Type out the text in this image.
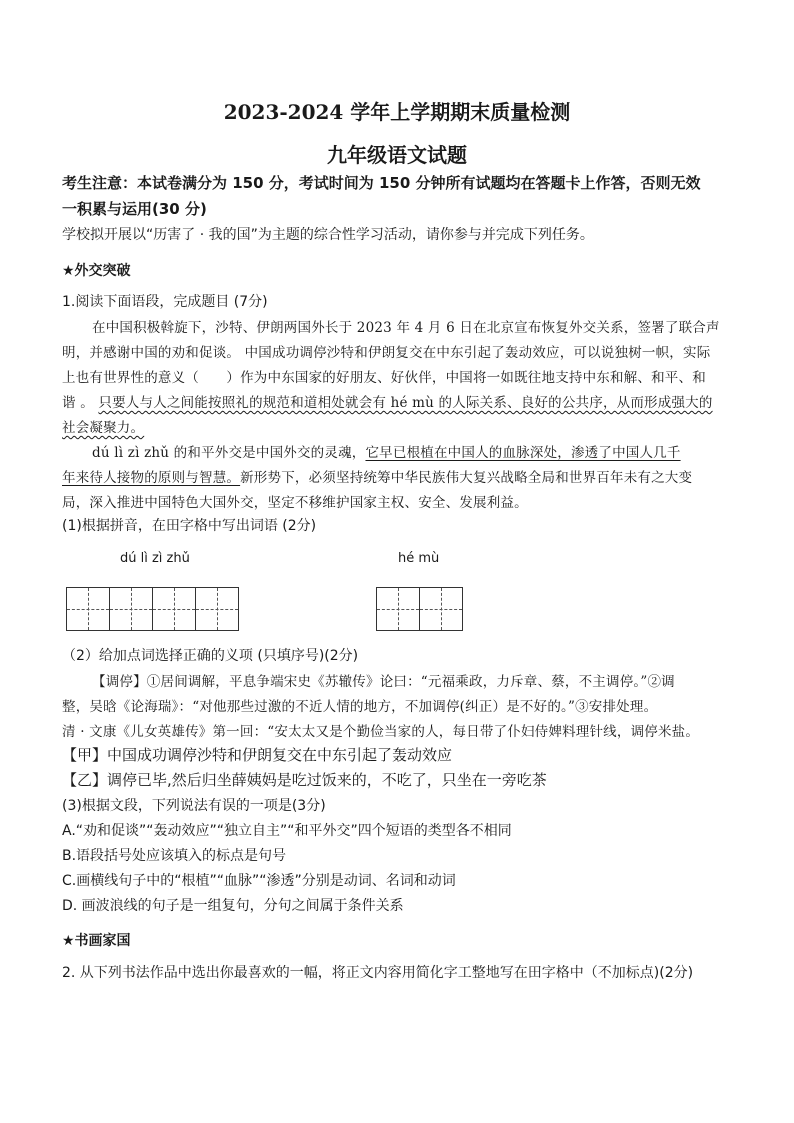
2023-2024 学年上学期期末质量检测
九年级语文试题
考生注意：本试卷满分为 150 分，考试时间为 150 分钟所有试题均在答题卡上作答，否则无效
一积累与运用(30 分)
学校拟开展以“历害了 · 我的国”为主题的综合性学习活动，请你参与并完成下列任务。
★外交突破
1.阅读下面语段，完成题目 (7分)
在中国积极斡旋下，沙特、伊朗两国外长于 2023 年 4 月 6 日在北京宣布恢复外交关系，签署了联合声
明，并感谢中国的劝和促谈。 中国成功调停沙特和伊朗复交在中东引起了轰动效应，可以说独树一帜，实际
上也有世界性的意义（　　）作为中东国家的好朋友、好伙伴，中国将一如既往地支持中东和解、和平、和
谐 。 只要人与人之间能按照礼的规范和道相处就会有 hé mù 的人际关系、良好的公共序，从而形成强大的
社会凝聚力。
dú lì zì zhǔ 的和平外交是中国外交的灵魂，它早已根植在中国人的血脉深处，渗透了中国人几千
年来待人接物的原则与智慧。新形势下，必须坚持统筹中华民族伟大复兴战略全局和世界百年未有之大变
局，深入推进中国特色大国外交，坚定不移维护国家主权、安全、发展利益。
(1)根据拼音，在田字格中写出词语 (2分)
dú lì zì zhǔ	hé mù
（2）给加点词选择正确的义项 (只填序号)(2分)
【调停】①居间调解，平息争端宋史《苏辙传》论曰：“元福乘政，力斥章、蔡，不主调停。”②调
整，吴晗《论海瑞》：“对他那些过激的不近人情的地方，不加调停(纠正）是不好的。”③安排处理。
清 · 文康《儿女英雄传》第一回：“安太太又是个勤俭当家的人，每日带了仆妇侍婢料理针线，调停米盐。
【甲】中国成功调停沙特和伊朗复交在中东引起了轰动效应
【乙】调停已毕,然后归坐薛姨妈是吃过饭来的，不吃了，只坐在一旁吃茶
(3)根据文段，下列说法有误的一项是(3分)
A.“劝和促谈”“轰动效应”“独立自主”“和平外交”四个短语的类型各不相同
B.语段括号处应该填入的标点是句号
C.画横线句子中的“根植”“血脉”“渗透”分别是动词、名词和动词
D. 画波浪线的句子是一组复句，分句之间属于条件关系
★书画家国
2. 从下列书法作品中选出你最喜欢的一幅，将正文内容用简化字工整地写在田字格中（不加标点)(2分)
